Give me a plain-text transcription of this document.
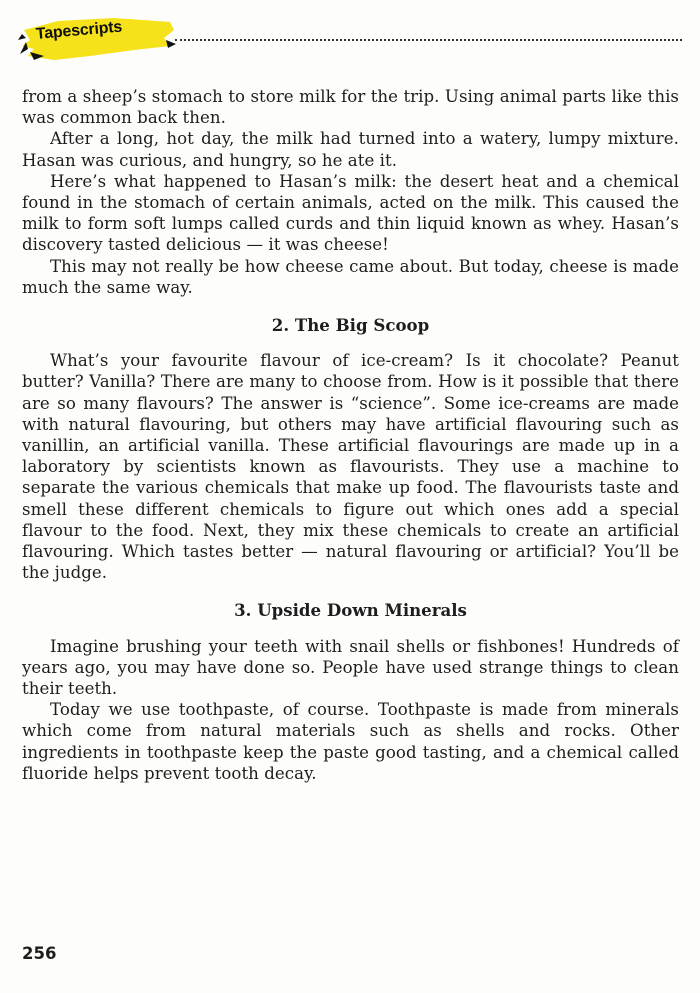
Tapescripts

from a sheep’s stomach to store milk for the trip. Using animal parts like this was common back then.

After a long, hot day, the milk had turned into a watery, lumpy mixture. Hasan was curious, and hungry, so he ate it.

Here’s what happened to Hasan’s milk: the desert heat and a chemical found in the stomach of certain animals, acted on the milk. This caused the milk to form soft lumps called curds and thin liquid known as whey. Hasan’s discovery tasted delicious — it was cheese!

This may not really be how cheese came about. But today, cheese is made much the same way.

2. The Big Scoop

What’s your favourite flavour of ice-cream? Is it chocolate? Peanut butter? Vanilla? There are many to choose from. How is it possible that there are so many flavours? The answer is “science”. Some ice-creams are made with natural flavouring, but others may have artificial flavouring such as vanillin, an artificial vanilla. These artificial flavourings are made up in a laboratory by scientists known as flavourists. They use a machine to separate the various chemicals that make up food. The flavourists taste and smell these different chemicals to figure out which ones add a special flavour to the food. Next, they mix these chemicals to create an artificial flavouring. Which tastes better — natural flavouring or artificial? You’ll be the judge.

3. Upside Down Minerals

Imagine brushing your teeth with snail shells or fishbones! Hundreds of years ago, you may have done so. People have used strange things to clean their teeth.

Today we use toothpaste, of course. Toothpaste is made from minerals which come from natural materials such as shells and rocks. Other ingredients in toothpaste keep the paste good tasting, and a chemical called fluoride helps prevent tooth decay.

256
